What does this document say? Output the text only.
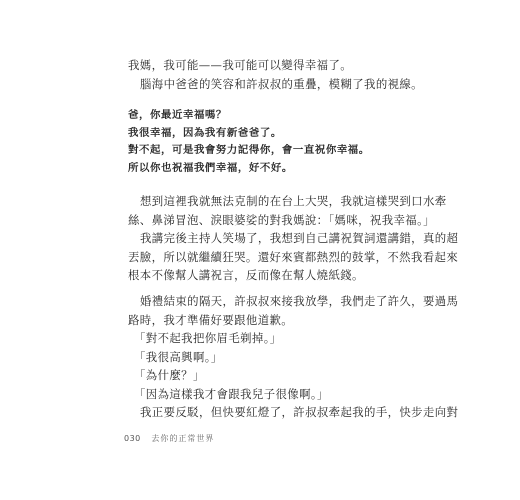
我媽，我可能——我可能可以變得幸福了。
腦海中爸爸的笑容和許叔叔的重疊，模糊了我的視線。
爸，你最近幸福嗎？
我很幸福，因為我有新爸爸了。
對不起，可是我會努力記得你，會一直祝你幸福。
所以你也祝福我們幸福，好不好。
想到這裡我就無法克制的在台上大哭，我就這樣哭到口水牽
絲、鼻涕冒泡、淚眼婆娑的對我媽說：「媽咪，祝我幸福。」
我講完後主持人笑場了，我想到自己講祝賀詞還講錯，真的超
丟臉，所以就繼續狂哭。還好來賓都熱烈的鼓掌，不然我看起來
根本不像幫人講祝言，反而像在幫人燒紙錢。
婚禮結束的隔天，許叔叔來接我放學，我們走了許久，要過馬
路時，我才準備好要跟他道歉。
「對不起我把你眉毛剃掉。」
「我很高興啊。」
「為什麼？」
「因為這樣我才會跟我兒子很像啊。」
我正要反駁，但快要紅燈了，許叔叔牽起我的手，快步走向對
030 去你的正常世界
